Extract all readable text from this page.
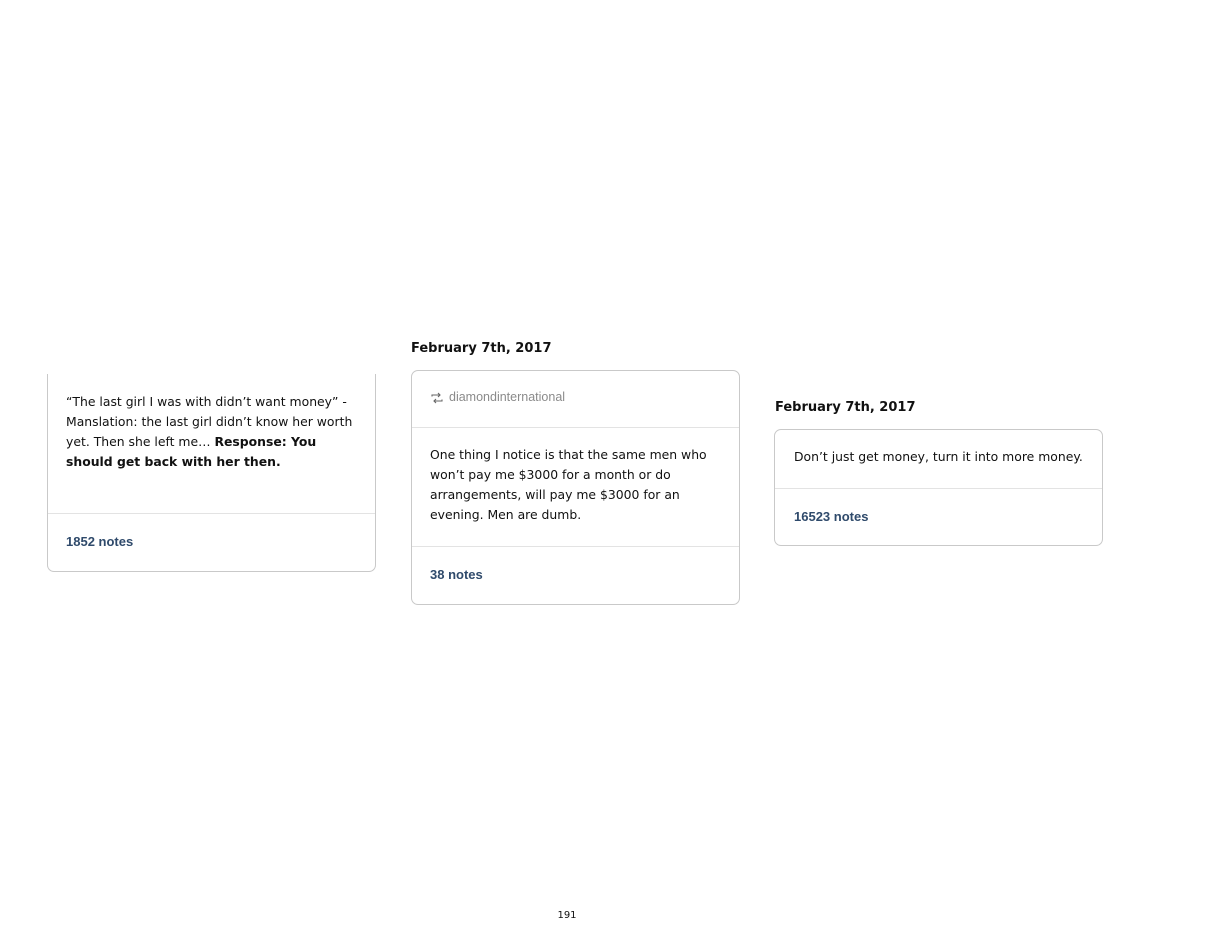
“The last girl I was with didn’t want money” - Manslation: the last girl didn’t know her worth yet. Then she left me… Response: You should get back with her then.
1852 notes
February 7th, 2017
diamondinternational
One thing I notice is that the same men who won’t pay me $3000 for a month or do arrangements, will pay me $3000 for an evening. Men are dumb.
38 notes
February 7th, 2017
Don’t just get money, turn it into more money.
16523 notes
191
